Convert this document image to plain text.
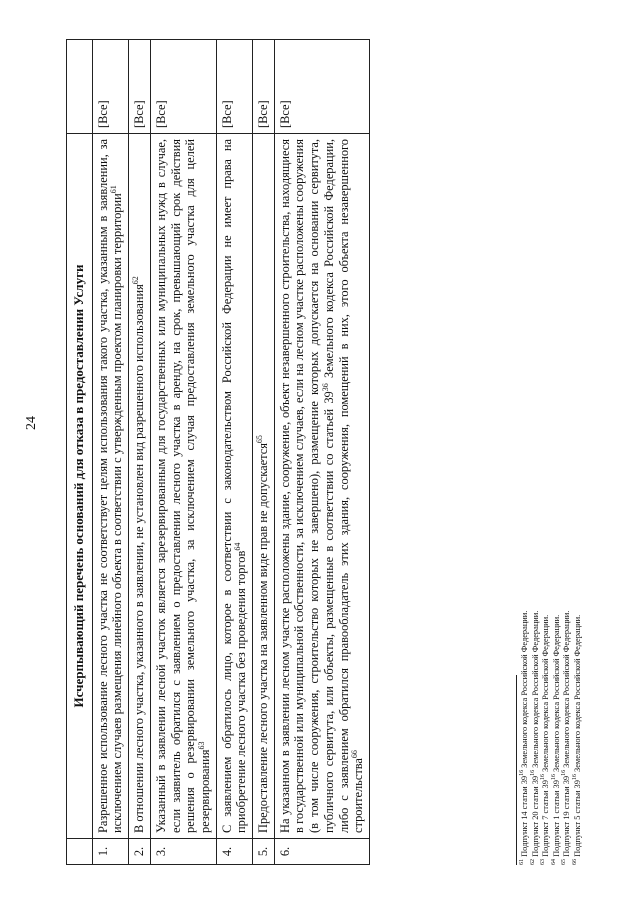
24
	Исчерпывающий перечень оснований для отказа в предоставлении Услуги	
1.	Разрешенное использование лесного участка не соответствует целям использования такого участка, указанным в заявлении, за исключением случаев размещения линейного объекта в соответствии с утвержденным проектом планировки территории$^{61}$	[Все]
2.	В отношении лесного участка, указанного в заявлении, не установлен вид разрешенного использования$^{62}$	[Все]
3.	Указанный в заявлении лесной участок является зарезервированным для государственных или муниципальных нужд в случае, если заявитель обратился с заявлением о предоставлении лесного участка в аренду, на срок, превышающий срок действия решения о резервировании земельного участка, за исключением случая предоставления земельного участка для целей резервирования$^{63}$	[Все]
4.	С заявлением обратилось лицо, которое в соответствии с законодательством Российской Федерации не имеет права на приобретение лесного участка без проведения торгов$^{64}$	[Все]
5.	Предоставление лесного участка на заявленном виде прав не допускается$^{65}$	[Все]
6.	На указанном в заявлении лесном участке расположены здание, сооружение, объект незавершенного строительства, находящиеся в государственной или муниципальной собственности, за исключением случаев, если на лесном участке расположены сооружения (в том числе сооружения, строительство которых не завершено), размещение которых допускается на основании сервитута, публичного сервитута, или объекты, размещенные в соответствии со статьей $39^{36}$ Земельного кодекса Российской Федерации, либо с заявлением обратился правообладатель этих здания, сооружения, помещений в них, этого объекта незавершенного строительства$^{66}$	[Все]
$^{61}$ Подпункт 14 статьи $39^{16}$ Земельного кодекса Российской Федерации.
$^{62}$ Подпункт 20 статьи $39^{16}$ Земельного кодекса Российской Федерации.
$^{63}$ Подпункт 7 статьи $39^{16}$ Земельного кодекса Российской Федерации.
$^{64}$ Подпункт 1 статьи $39^{16}$ Земельного кодекса Российской Федерации.
$^{65}$ Подпункт 19 статьи $39^{16}$ Земельного кодекса Российской Федерации.
$^{66}$ Подпункт 5 статьи $39^{16}$ Земельного кодекса Российской Федерации.
